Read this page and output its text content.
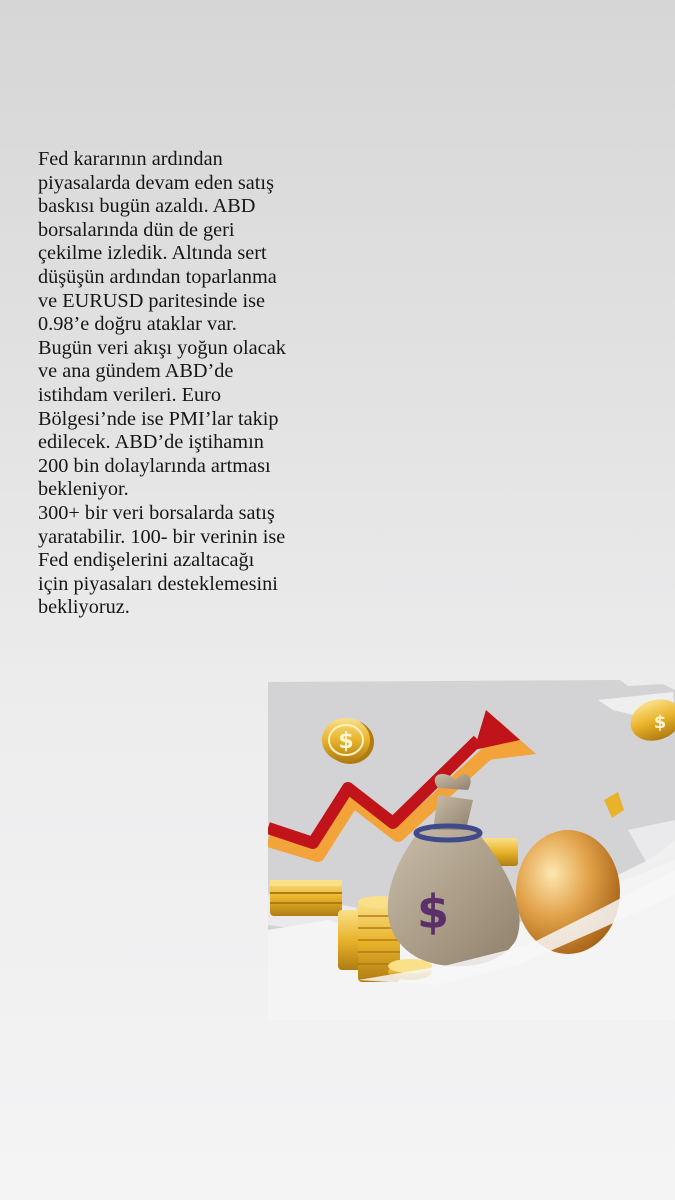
Fed kararının ardından piyasalarda devam eden satış baskısı bugün azaldı. ABD borsalarında dün de geri çekilme izledik. Altında sert düşüşün ardından toparlanma ve EURUSD paritesinde ise 0.98’e doğru ataklar var. Bugün veri akışı yoğun olacak ve ana gündem ABD’de istihdam verileri. Euro Bölgesi’nde ise PMI’lar takip edilecek. ABD’de iştihamın 200 bin dolaylarında artması bekleniyor.

300+ bir veri borsalarda satış yaratabilir. 100- bir verinin ise Fed endişelerini azaltacağı için piyasaları desteklemesini bekliyoruz.

$
$
$
